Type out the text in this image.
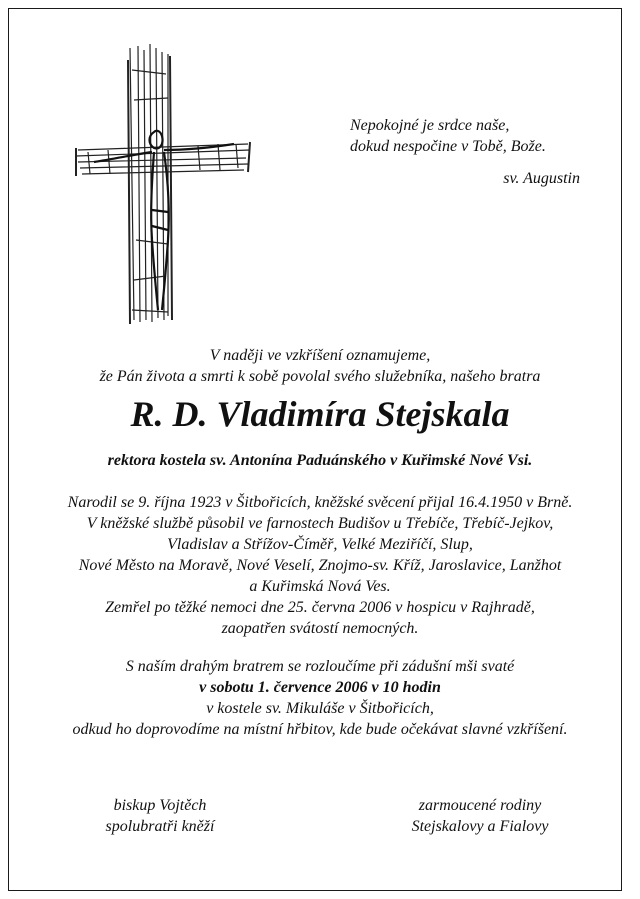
Nepokojné je srdce naše,
dokud nespočine v Tobě, Bože.
sv. Augustin
V naději ve vzkříšení oznamujeme,
že Pán života a smrti k sobě povolal svého služebníka, našeho bratra
R. D. Vladimíra Stejskala
rektora kostela sv. Antonína Paduánského v Kuřimské Nové Vsi.
Narodil se 9. října 1923 v Šitbořicích, kněžské svěcení přijal 16.4.1950 v Brně.
V kněžské službě působil ve farnostech Budišov u Třebíče, Třebíč-Jejkov,
Vladislav a Střížov-Číměř, Velké Meziříčí, Slup,
Nové Město na Moravě, Nové Veselí, Znojmo-sv. Kříž, Jaroslavice, Lanžhot
a Kuřimská Nová Ves.
Zemřel po těžké nemoci dne 25. června 2006 v hospicu v Rajhradě,
zaopatřen svátostí nemocných.
S naším drahým bratrem se rozloučíme při zádušní mši svaté
v sobotu 1. července 2006 v 10 hodin
v kostele sv. Mikuláše v Šitbořicích,
odkud ho doprovodíme na místní hřbitov, kde bude očekávat slavné vzkříšení.
biskup Vojtěch
spolubratři kněží
zarmoucené rodiny
Stejskalovy a Fialovy
